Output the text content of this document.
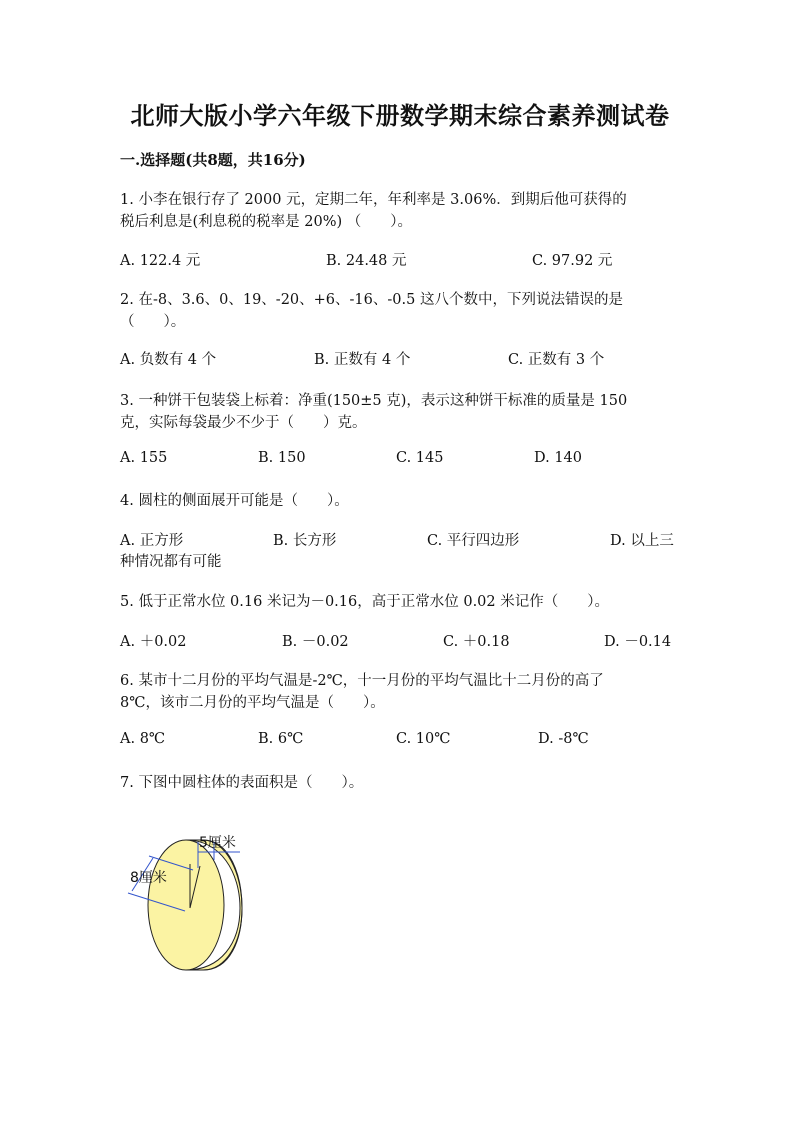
北师大版小学六年级下册数学期末综合素养测试卷
一.选择题(共8题，共16分)
1. 小李在银行存了 2000 元，定期二年，年利率是 3.06%．到期后他可获得的
税后利息是(利息税的税率是 20%) （　　）。
A. 122.4 元	B. 24.48 元	C. 97.92 元
2. 在-8、3.6、0、19、-20、+6、-16、-0.5 这八个数中，下列说法错误的是
（　　）。
A. 负数有 4 个	B. 正数有 4 个	C. 正数有 3 个
3. 一种饼干包装袋上标着：净重(150±5 克)，表示这种饼干标准的质量是 150
克，实际每袋最少不少于（　　）克。
A. 155	B. 150	C. 145	D. 140
4. 圆柱的侧面展开可能是（　　）。
A. 正方形	B. 长方形	C. 平行四边形	D. 以上三
种情况都有可能
5. 低于正常水位 0.16 米记为－0.16，高于正常水位 0.02 米记作（　　）。
A. ＋0.02	B. －0.02	C. ＋0.18	D. －0.14
6. 某市十二月份的平均气温是-2℃，十一月份的平均气温比十二月份的高了
8℃，该市二月份的平均气温是（　　）。
A. 8℃	B. 6℃	C. 10℃	D. -8℃
7. 下图中圆柱体的表面积是（　　）。
5厘米
8厘米
